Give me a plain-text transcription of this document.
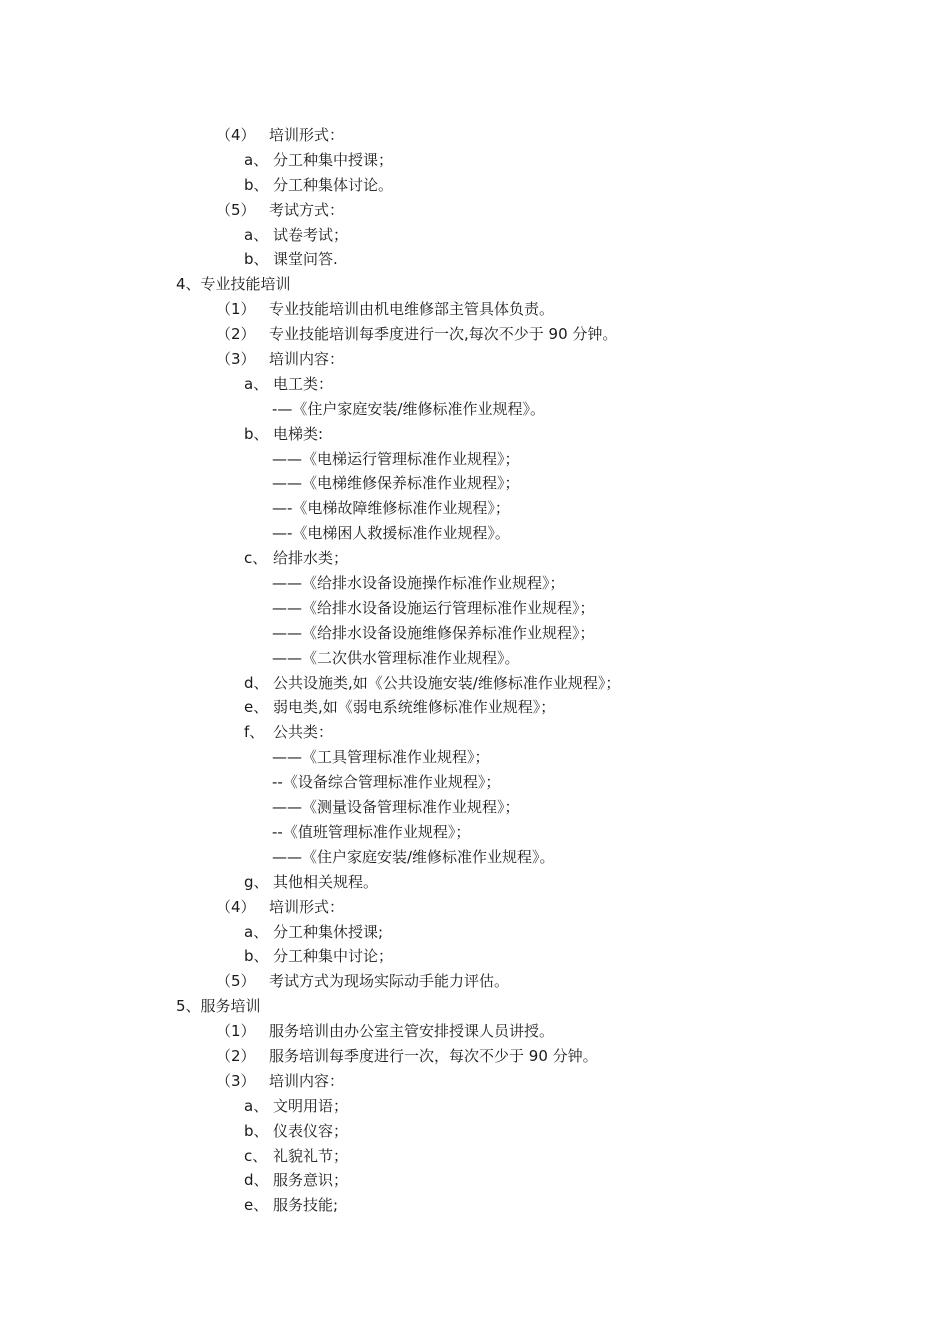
（4） 培训形式：
a、 分工种集中授课；
b、 分工种集体讨论。
（5） 考试方式：
a、 试卷考试；
b、 课堂问答.
4、 专业技能培训
（1） 专业技能培训由机电维修部主管具体负责。
（2） 专业技能培训每季度进行一次,每次不少于 90 分钟。
（3） 培训内容：
a、 电工类：
-—《住户家庭安装/维修标准作业规程》。
b、 电梯类:
——《电梯运行管理标准作业规程》；
——《电梯维修保养标准作业规程》；
—-《电梯故障维修标准作业规程》；
—-《电梯困人救援标准作业规程》。
c、 给排水类；
——《给排水设备设施操作标准作业规程》；
——《给排水设备设施运行管理标准作业规程》；
——《给排水设备设施维修保养标准作业规程》；
——《二次供水管理标准作业规程》。
d、 公共设施类,如《公共设施安装/维修标准作业规程》；
e、 弱电类,如《弱电系统维修标准作业规程》；
f、 公共类：
——《工具管理标准作业规程》；
--《设备综合管理标准作业规程》；
——《测量设备管理标准作业规程》；
--《值班管理标准作业规程》；
——《住户家庭安装/维修标准作业规程》。
g、 其他相关规程。
（4） 培训形式：
a、 分工种集休授课;
b、 分工种集中讨论；
（5） 考试方式为现场实际动手能力评估。
5、 服务培训
（1） 服务培训由办公室主管安排授课人员讲授。
（2） 服务培训每季度进行一次，每次不少于 90 分钟。
（3） 培训内容：
a、 文明用语；
b、 仪表仪容；
c、 礼貌礼节；
d、 服务意识；
e、 服务技能;
